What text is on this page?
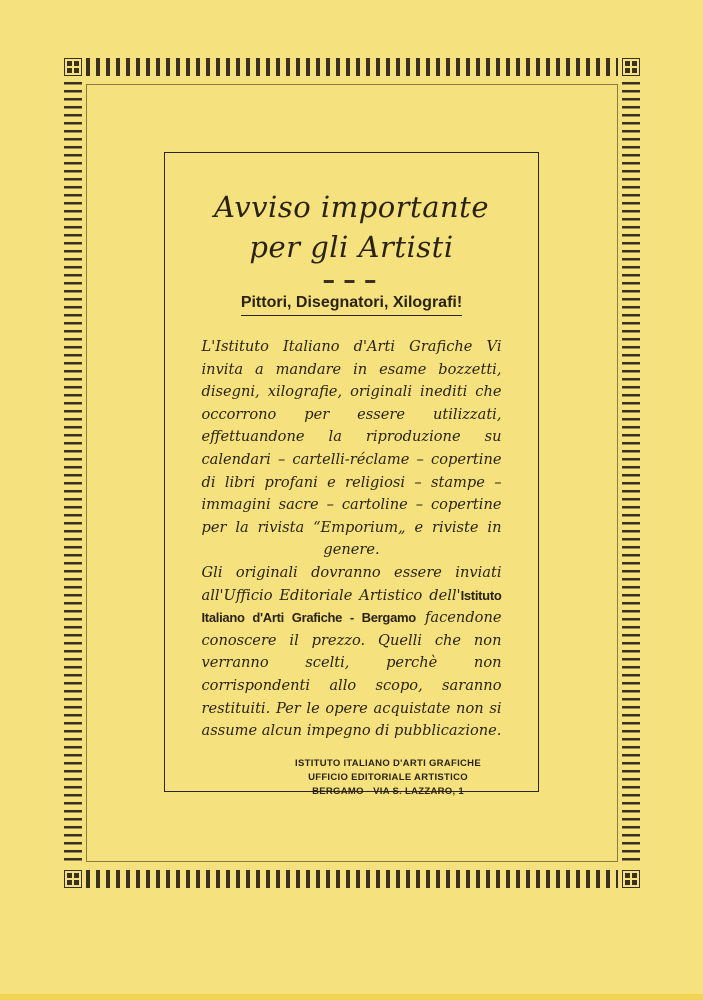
Avviso importante
per gli Artisti
▬ ▬ ▬
Pittori, Disegnatori, Xilografi!

L'Istituto Italiano d'Arti Grafiche Vi invita a mandare in esame bozzetti, disegni, xilografie, originali inediti che occorrono per essere utilizzati, effettuandone la riproduzione su calendari – cartelli-réclame – copertine di libri profani e religiosi – stampe – immagini sacre – cartoline – copertine per la rivista “Emporium„ e riviste in genere.

Gli originali dovranno essere inviati all'Ufficio Editoriale Artistico dell'Istituto Italiano d'Arti Grafiche - Bergamo facendone conoscere il prezzo. Quelli che non verranno scelti, perchè non corrispondenti allo scopo, saranno restituiti. Per le opere acquistate non si assume alcun impegno di pubblicazione.

ISTITUTO ITALIANO D'ARTI GRAFICHE
UFFICIO EDITORIALE ARTISTICO
BERGAMO - VIA S. LAZZARO, 1
